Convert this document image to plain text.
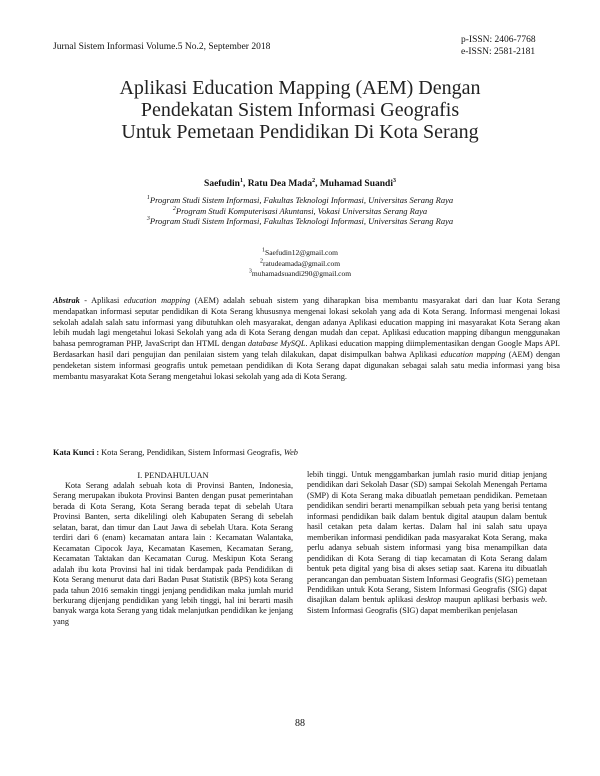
Jurnal Sistem Informasi Volume.5 No.2, September 2018
p-ISSN: 2406-7768
e-ISSN: 2581-2181
Aplikasi Education Mapping (AEM) Dengan
Pendekatan Sistem Informasi Geografis
Untuk Pemetaan Pendidikan Di Kota Serang
Saefudin$^1$, Ratu Dea Mada$^2$, Muhamad Suandi$^3$
$^1$Program Studi Sistem Informasi, Fakultas Teknologi Informasi, Universitas Serang Raya
$^2$Program Studi Komputerisasi Akuntansi, Vokasi Universitas Serang Raya
$^3$Program Studi Sistem Informasi, Fakultas Teknologi Informasi, Universitas Serang Raya
$^1$Saefudin12@gmail.com
$^2$ratudeamada@gmail.com
$^3$muhamadsuandi290@gmail.com

Abstrak - Aplikasi education mapping (AEM) adalah sebuah sistem yang diharapkan bisa membantu masyarakat dari dan luar Kota Serang mendapatkan informasi seputar pendidikan di Kota Serang khususnya mengenai lokasi sekolah yang ada di Kota Serang. Informasi mengenai lokasi sekolah adalah salah satu informasi yang dibutuhkan oleh masyarakat, dengan adanya Aplikasi education mapping ini masyarakat Kota Serang akan lebih mudah lagi mengetahui lokasi Sekolah yang ada di Kota Serang dengan mudah dan cepat. Aplikasi education mapping dibangun menggunakan bahasa pemrograman PHP, JavaScript dan HTML dengan database MySQL. Aplikasi education mapping diimplementasikan dengan Google Maps API. Berdasarkan hasil dari pengujian dan penilaian sistem yang telah dilakukan, dapat disimpulkan bahwa Aplikasi education mapping (AEM) dengan pendeketan sistem informasi geografis untuk pemetaan pendidikan di Kota Serang dapat digunakan sebagai salah satu media informasi yang bisa membantu masyarakat Kota Serang mengetahui lokasi sekolah yang ada di Kota Serang.

Kata Kunci : Kota Serang, Pendidikan, Sistem Informasi Geografis, Web
I. PENDAHULUAN

Kota Serang adalah sebuah kota di Provinsi Banten, Indonesia, Serang merupakan ibukota Provinsi Banten dengan pusat pemerintahan berada di Kota Serang, Kota Serang berada tepat di sebelah Utara Provinsi Banten, serta dikelilingi oleh Kabupaten Serang di sebelah selatan, barat, dan timur dan Laut Jawa di sebelah Utara. Kota Serang terdiri dari 6 (enam) kecamatan antara lain : Kecamatan Walantaka, Kecamatan Cipocok Jaya, Kecamatan Kasemen, Kecamatan Serang, Kecamatan Taktakan dan Kecamatan Curug. Meskipun Kota Serang adalah ibu kota Provinsi hal ini tidak berdampak pada Pendidikan di Kota Serang menurut data dari Badan Pusat Statistik (BPS) kota Serang pada tahun 2016 semakin tinggi jenjang pendidikan maka jumlah murid berkurang dijenjang pendidikan yang lebih tinggi, hal ini berarti masih banyak warga kota Serang yang tidak melanjutkan pendidikan ke jenjang yang

lebih tinggi. Untuk menggambarkan jumlah rasio murid ditiap jenjang pendidikan dari Sekolah Dasar (SD) sampai Sekolah Menengah Pertama (SMP) di Kota Serang maka dibuatlah pemetaan pendidikan. Pemetaan pendidikan sendiri berarti menampilkan sebuah peta yang berisi tentang informasi pendidikan baik dalam bentuk digital ataupun dalam bentuk hasil cetakan peta dalam kertas. Dalam hal ini salah satu upaya memberikan informasi pendidikan pada masyarakat Kota Serang, maka perlu adanya sebuah sistem informasi yang bisa menampilkan data pendidikan di Kota Serang di tiap kecamatan di Kota Serang dalam bentuk peta digital yang bisa di akses setiap saat. Karena itu dibuatlah perancangan dan pembuatan Sistem Informasi Geografis (SIG) pemetaan Pendidikan untuk Kota Serang, Sistem Informasi Geografis (SIG) dapat disajikan dalam bentuk aplikasi desktop maupun aplikasi berbasis web. Sistem Informasi Geografis (SIG) dapat memberikan penjelasan

88
